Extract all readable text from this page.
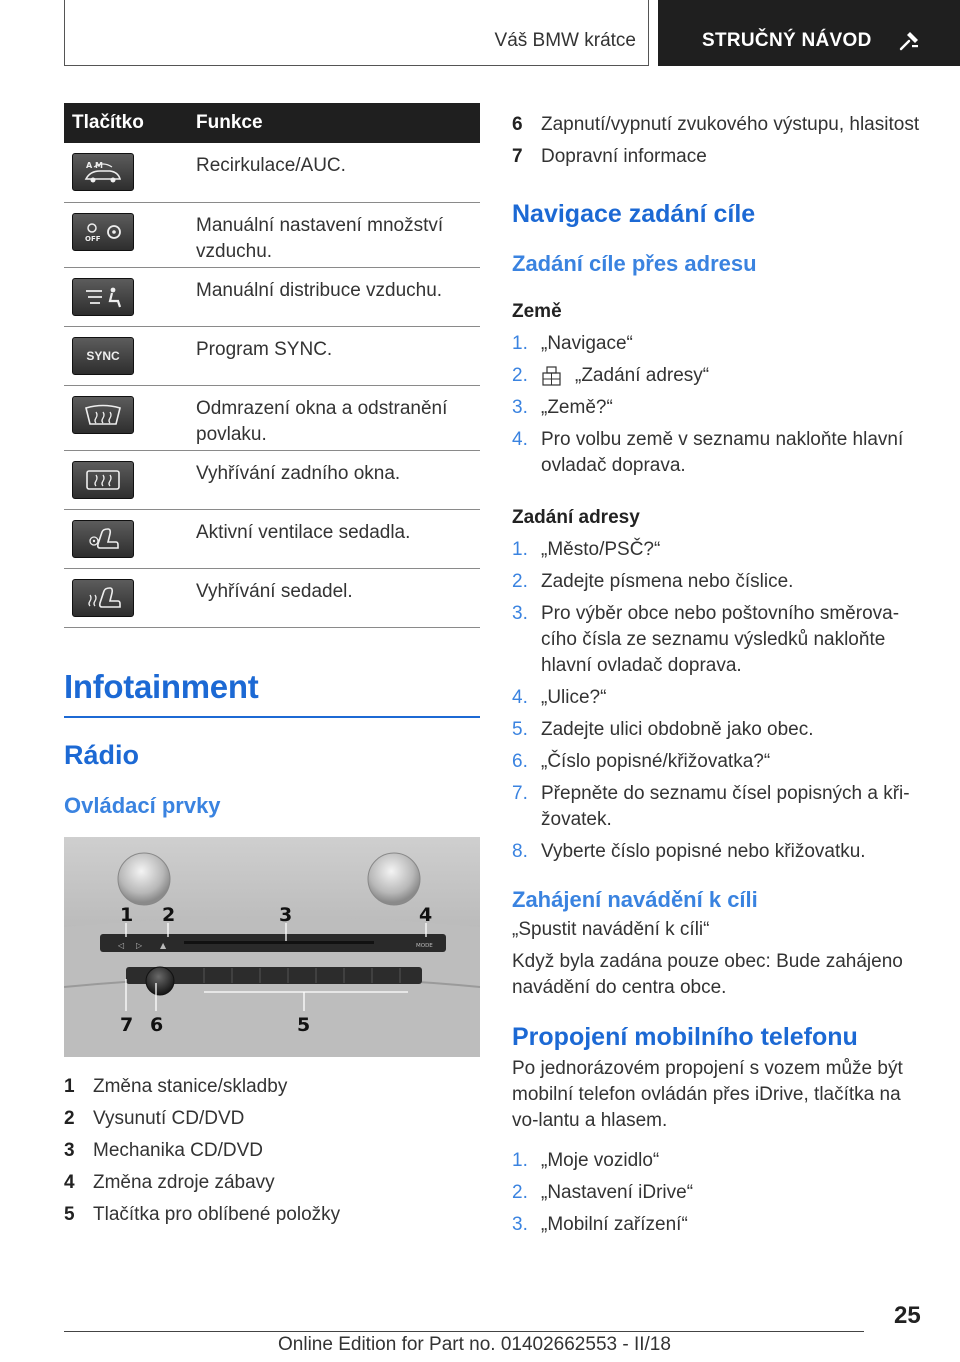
Váš BMW krátce	STRUČNÝ NÁVOD
Tlačítko	Funkce

A M	Recirkulace/AUC.

OFF	Manuální nastavení množství vzduchu.

	Manuální distribuce vzduchu.

SYNC	Program SYNC.

	Odmrazení okna a odstranění povlaku.

	Vyhřívání zadního okna.

	Aktivní ventilace sedadla.

	Vyhřívání sedadel.
Infotainment
Rádio
Ovládací prvky
◁ ▷ ▲	MODE
1 2	3	4
5
6
7
1 Změna stanice/skladby
2 Vysunutí CD/DVD
3 Mechanika CD/DVD
4 Změna zdroje zábavy
5 Tlačítka pro oblíbené položky
6 Zapnutí/vypnutí zvukového výstupu, hlasitost
7 Dopravní informace
Navigace zadání cíle
Zadání cíle přes adresu
Země
1. „Navigace“
2.	„Zadání adresy“
3. „Země?“
4. Pro volbu země v seznamu nakloňte hlavní ovladač doprava.
Zadání adresy
1. „Město/PSČ?“
2. Zadejte písmena nebo číslice.
3. Pro výběr obce nebo poštovního směrova-cího čísla ze seznamu výsledků nakloňte hlavní ovladač doprava.
4. „Ulice?“
5. Zadejte ulici obdobně jako obec.
6. „Číslo popisné/křižovatka?“
7. Přepněte do seznamu čísel popisných a kři-žovatek.
8. Vyberte číslo popisné nebo křižovatku.
Zahájení navádění k cíli
„Spustit navádění k cíli“
Když byla zadána pouze obec: Bude zahájeno navádění do centra obce.
Propojení mobilního telefonu
Po jednorázovém propojení s vozem může být mobilní telefon ovládán přes iDrive, tlačítka na vo-lantu a hlasem.
1. „Moje vozidlo“
2. „Nastavení iDrive“
3. „Mobilní zařízení“
25
Online Edition for Part no. 01402662553 - II/18
